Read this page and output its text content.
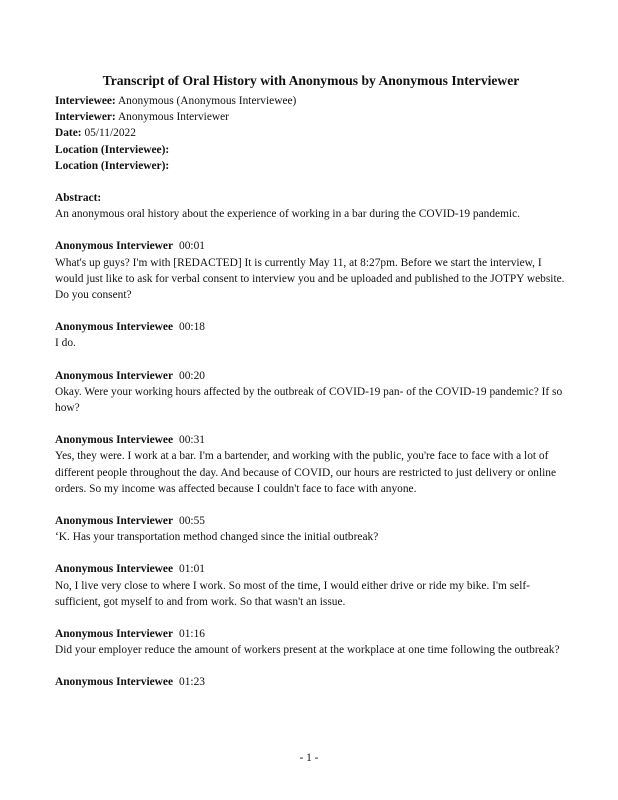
Transcript of Oral History with Anonymous by Anonymous Interviewer

Interviewee: Anonymous (Anonymous Interviewee)

Interviewer: Anonymous Interviewer

Date: 05/11/2022

Location (Interviewee):

Location (Interviewer):

Abstract:

An anonymous oral history about the experience of working in a bar during the COVID-19 pandemic.

Anonymous Interviewer 00:01

What's up guys? I'm with [REDACTED] It is currently May 11, at 8:27pm. Before we start the interview, I would just like to ask for verbal consent to interview you and be uploaded and published to the JOTPY website. Do you consent?

Anonymous Interviewee 00:18

I do.

Anonymous Interviewer 00:20

Okay. Were your working hours affected by the outbreak of COVID-19 pan- of the COVID-19 pandemic? If so how?

Anonymous Interviewee 00:31

Yes, they were. I work at a bar. I'm a bartender, and working with the public, you're face to face with a lot of different people throughout the day. And because of COVID, our hours are restricted to just delivery or online orders. So my income was affected because I couldn't face to face with anyone.

Anonymous Interviewer 00:55

‘K. Has your transportation method changed since the initial outbreak?

Anonymous Interviewee 01:01

No, I live very close to where I work. So most of the time, I would either drive or ride my bike. I'm self-sufficient, got myself to and from work. So that wasn't an issue.

Anonymous Interviewer 01:16

Did your employer reduce the amount of workers present at the workplace at one time following the outbreak?

Anonymous Interviewee 01:23

- 1 -
